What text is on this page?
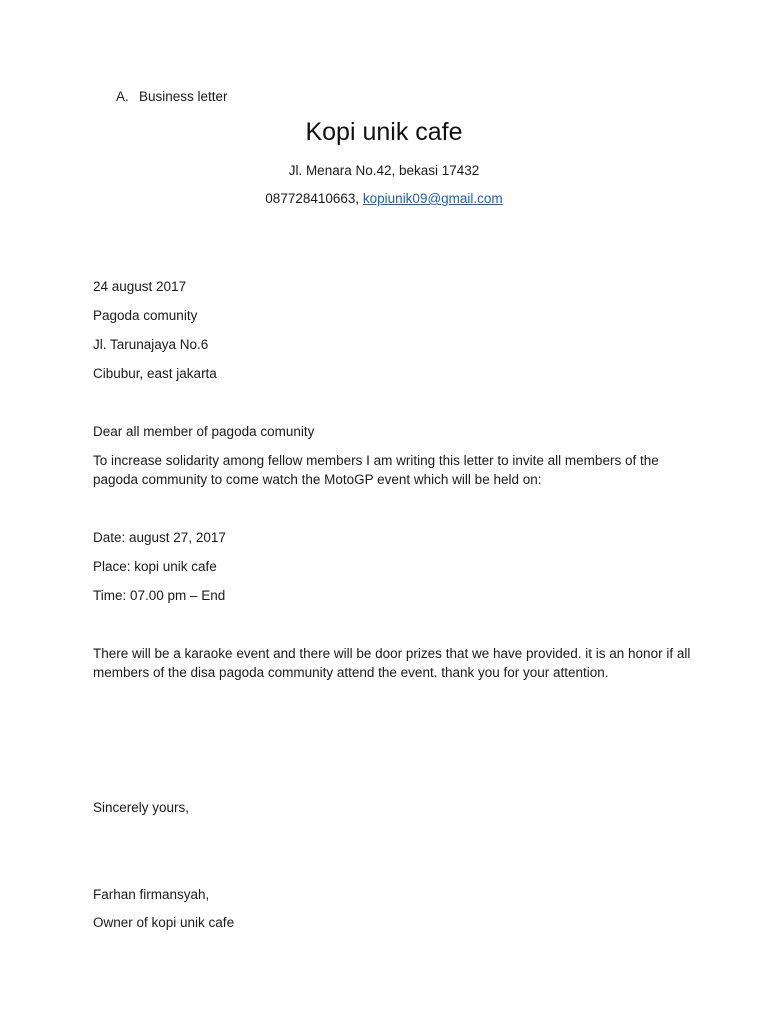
A. Business letter
Kopi unik cafe
Jl. Menara No.42, bekasi 17432
087728410663, kopiunik09@gmail.com
24 august 2017
Pagoda comunity
Jl. Tarunajaya No.6
Cibubur, east jakarta
Dear all member of pagoda comunity
To increase solidarity among fellow members I am writing this letter to invite all members of the pagoda community to come watch the MotoGP event which will be held on:
Date: august 27, 2017
Place: kopi unik cafe
Time: 07.00 pm – End
There will be a karaoke event and there will be door prizes that we have provided. it is an honor if all members of the disa pagoda community attend the event. thank you for your attention.
Sincerely yours,
Farhan firmansyah,
Owner of kopi unik cafe
